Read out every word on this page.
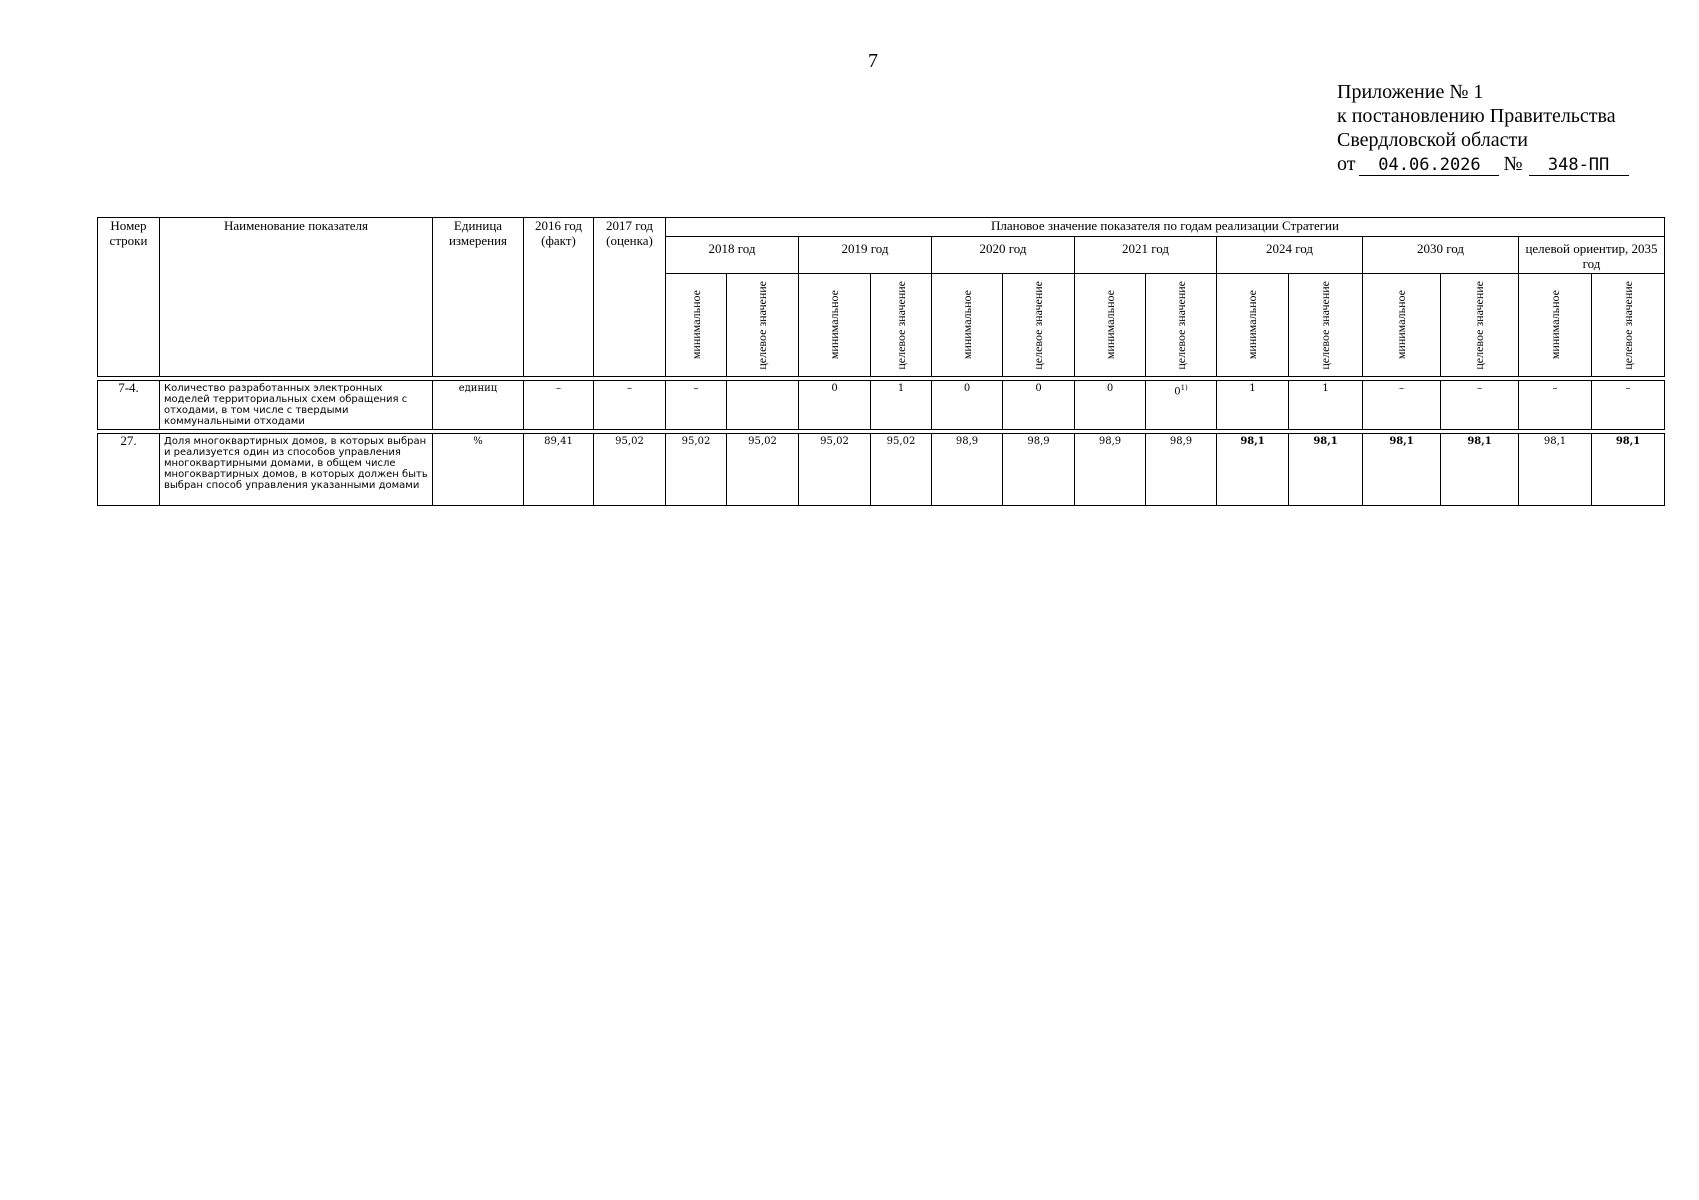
7
Приложение № 1
к постановлению Правительства
Свердловской области
от 04.06.2026 № 348-ПП
Номер строки	Наименование показателя	Единица измерения	2016 год (факт)	2017 год (оценка)	Плановое значение показателя по годам реализации Стратегии													
					2018 год		2019 год		2020 год		2021 год		2024 год		2030 год		целевой ориентир, 2035 год	

					минимальное	целевое значение	минимальное	целевое значение	минимальное	целевое значение	минимальное	целевое значение	минимальное	целевое значение	минимальное	целевое значение	минимальное	целевое значение

7-4.	Количество разработанных электронных моделей территориальных схем обращения с отходами, в том числе с твердыми коммунальными отходами	единиц	–	–	–		0	1	0	0	0	0$^{1)}$	1	1	–	–	–	–

27.	Доля многоквартирных домов, в которых выбран и реализуется один из способов управления многоквартирными домами, в общем числе многоквартирных домов, в которых должен быть выбран способ управления указанными домами	%	89,41	95,02	95,02	95,02	95,02	95,02	98,9	98,9	98,9	98,9	98,1	98,1	98,1	98,1	98,1	98,1
